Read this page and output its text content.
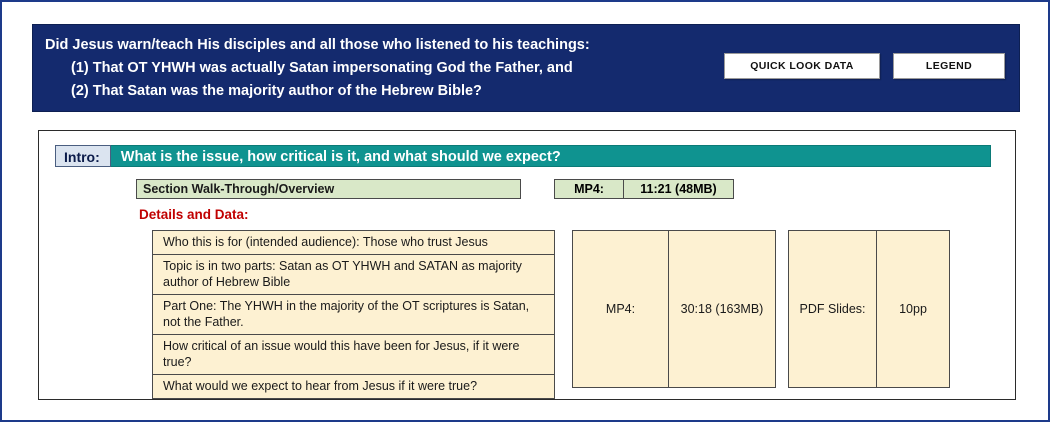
Did Jesus warn/teach His disciples and all those who listened to his teachings:
(1) That OT YHWH was actually Satan impersonating God the Father, and
(2) That Satan was the majority author of the Hebrew Bible?
QUICK LOOK DATA	LEGEND
Intro:	What is the issue, how critical is it, and what should we expect?
Section Walk-Through/Overview	MP4:	11:21 (48MB)
Details and Data:
Who this is for (intended audience): Those who trust Jesus
Topic is in two parts: Satan as OT YHWH and SATAN as majority author of Hebrew Bible
Part One: The YHWH in the majority of the OT scriptures is Satan, not the Father.
How critical of an issue would this have been for Jesus, if it were true?
What would we expect to hear from Jesus if it were true?
MP4:	30:18 (163MB)	PDF Slides:	10pp
